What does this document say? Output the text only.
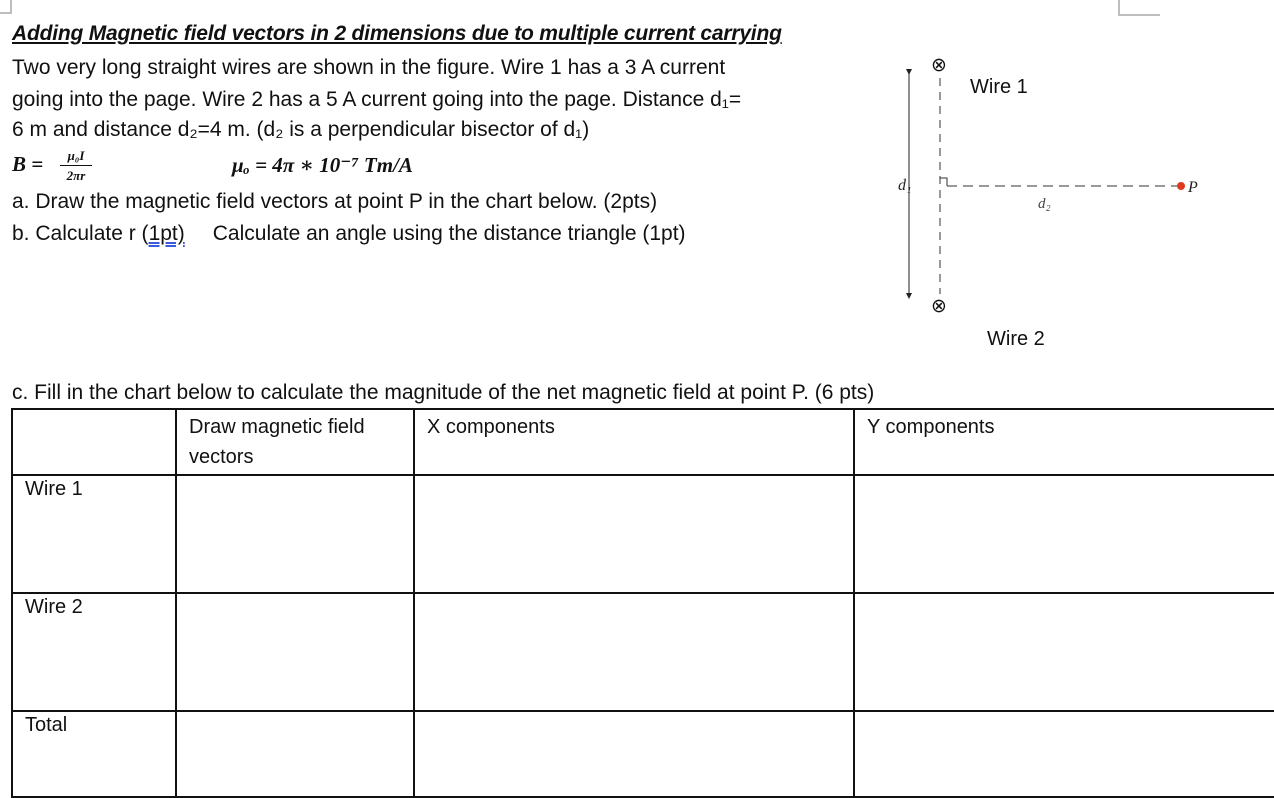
Adding Magnetic field vectors in 2 dimensions due to multiple current carrying
Two very long straight wires are shown in the figure. Wire 1 has a 3 A current
going into the page. Wire 2 has a 5 A current going into the page. Distance d₁=
6 m and distance d₂=4 m. (d₂ is a perpendicular bisector of d₁)
$B = \frac{\text{μ₀I}}{2\pi r}$	μₒ = 4π ∗ 10⁻⁷ Tm/A
a. Draw the magnetic field vectors at point P in the chart below. (2pts)
b. Calculate r (1pt) Calculate an angle using the distance triangle (1pt)
d₁
⊗
d₂
P
⊗
Wire 1
Wire 2
c. Fill in the chart below to calculate the magnitude of the net magnetic field at point P. (6 pts)
	Draw magnetic field vectors	X components	Y components
Wire 1			
Wire 2			
Total			
